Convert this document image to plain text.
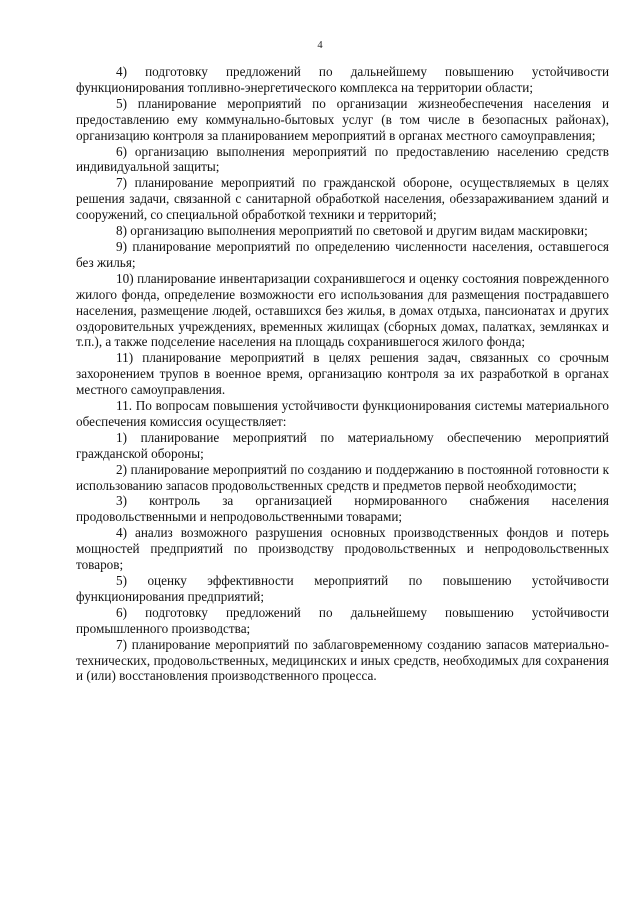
4

4) подготовку предложений по дальнейшему повышению устойчивости функционирования топливно-энергетического комплекса на территории области;

5) планирование мероприятий по организации жизнеобеспечения населения и предоставлению ему коммунально-бытовых услуг (в том числе в безопасных районах), организацию контроля за планированием мероприятий в органах местного самоуправления;

6) организацию выполнения мероприятий по предоставлению населению средств индивидуальной защиты;

7) планирование мероприятий по гражданской обороне, осуществляемых в целях решения задачи, связанной с санитарной обработкой населения, обеззараживанием зданий и сооружений, со специальной обработкой техники и территорий;

8) организацию выполнения мероприятий по световой и другим видам маскировки;

9) планирование мероприятий по определению численности населения, оставшегося без жилья;

10) планирование инвентаризации сохранившегося и оценку состояния поврежденного жилого фонда, определение возможности его использования для размещения пострадавшего населения, размещение людей, оставшихся без жилья, в домах отдыха, пансионатах и других оздоровительных учреждениях, временных жилищах (сборных домах, палатках, землянках и т.п.), а также подселение населения на площадь сохранившегося жилого фонда;

11) планирование мероприятий в целях решения задач, связанных со срочным захоронением трупов в военное время, организацию контроля за их разработкой в органах местного самоуправления.

11. По вопросам повышения устойчивости функционирования системы материального обеспечения комиссия осуществляет:

1) планирование мероприятий по материальному обеспечению мероприятий гражданской обороны;

2) планирование мероприятий по созданию и поддержанию в постоянной готовности к использованию запасов продовольственных средств и предметов первой необходимости;

3) контроль за организацией нормированного снабжения населения продовольственными и непродовольственными товарами;

4) анализ возможного разрушения основных производственных фондов и потерь мощностей предприятий по производству продовольственных и непродовольственных товаров;

5) оценку эффективности мероприятий по повышению устойчивости функционирования предприятий;

6) подготовку предложений по дальнейшему повышению устойчивости промышленного производства;

7) планирование мероприятий по заблаговременному созданию запасов материально-технических, продовольственных, медицинских и иных средств, необходимых для сохранения и (или) восстановления производственного процесса.
